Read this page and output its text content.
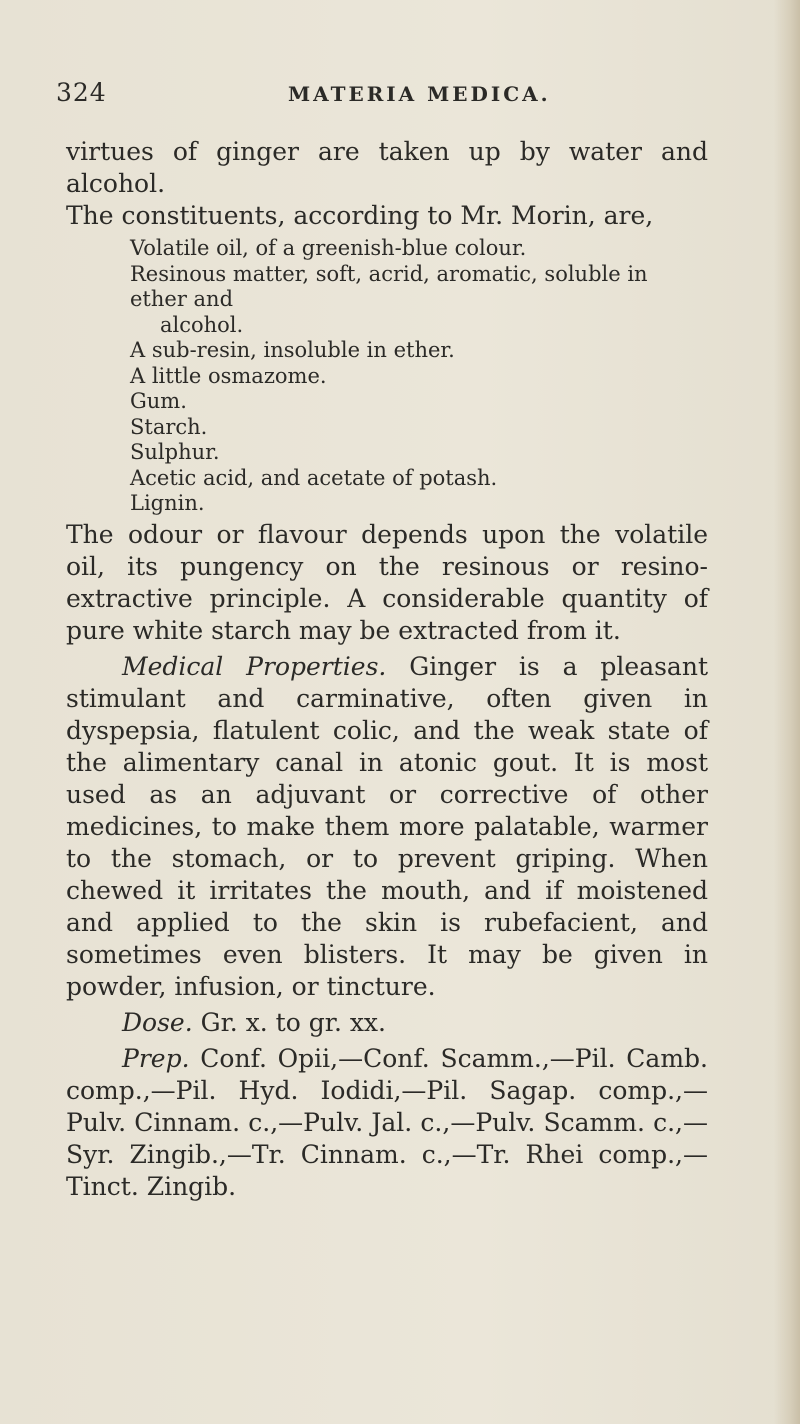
324	MATERIA MEDICA.

virtues of ginger are taken up by water and alcohol.

The constituents, according to Mr. Morin, are,

Volatile oil, of a greenish-blue colour.
Resinous matter, soft, acrid, aromatic, soluble in ether and
alcohol.
A sub-resin, insoluble in ether.
A little osmazome.
Gum.
Starch.
Sulphur.
Acetic acid, and acetate of potash.
Lignin.

The odour or flavour depends upon the volatile oil, its pungency on the resinous or resino-extractive principle. A considerable quantity of pure white starch may be extracted from it.

Medical Properties. Ginger is a pleasant stimulant and carminative, often given in dyspepsia, flatulent colic, and the weak state of the alimentary canal in atonic gout. It is most used as an adjuvant or corrective of other medicines, to make them more palatable, warmer to the stomach, or to prevent griping. When chewed it irritates the mouth, and if moistened and applied to the skin is rubefacient, and sometimes even blisters. It may be given in powder, infusion, or tincture.

Dose. Gr. x. to gr. xx.

Prep. Conf. Opii,—Conf. Scamm.,—Pil. Camb. comp.,—Pil. Hyd. Iodidi,—Pil. Sagap. comp.,—Pulv. Cinnam. c.,—Pulv. Jal. c.,—Pulv. Scamm. c.,—Syr. Zingib.,—Tr. Cinnam. c.,—Tr. Rhei comp.,—Tinct. Zingib.
